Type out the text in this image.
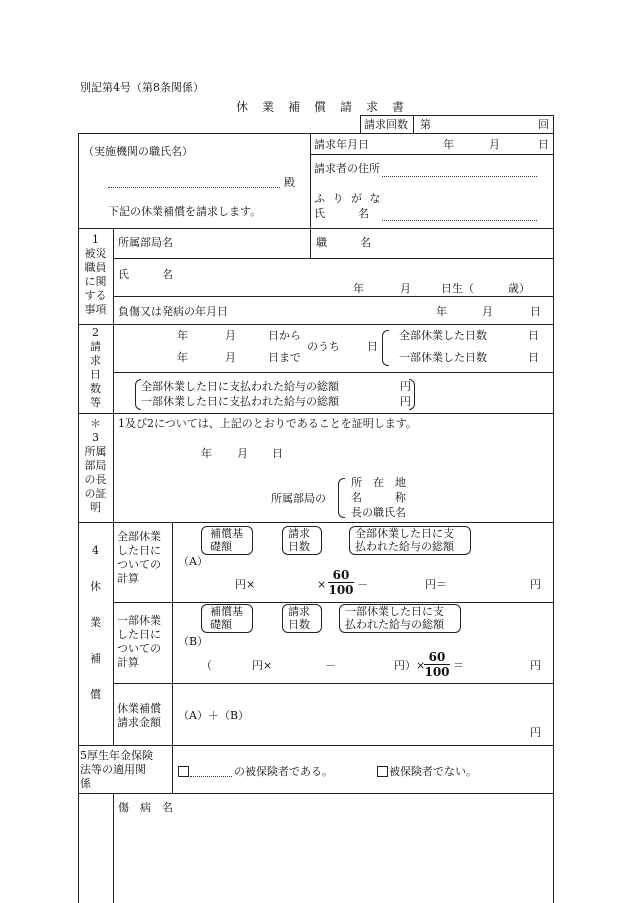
別記第4号（第8条関係）
休　業　補　償　請　求　書
請求回数 第	回
（実施機関の職氏名）
殿
下記の休業補償を請求します。
請求年月日	年	月	日
請求者の住所
ふ り が な
氏　　　名
1
被災
職員
に関
する
事項
所属部局名	職　　　名
氏　　　名
年	月	日生（	歳）
負傷又は発病の年月日	年	月	日
2
請
求
日
数
等
年	月	日から
年	月	日まで
のうち 日
全部休業した日数	日
一部休業した日数	日
全部休業した日に支払われた給与の総額	円
一部休業した日に支払われた給与の総額	円
＊
3
所属
部局
の長
の証
明
1及び2については、上記のとおりであることを証明します。
年 月 日
所属部局の
所　在　地
名　　　称
長の職氏名
4

休

業

補

償
全部休業
した日に
ついての
計算
補償基
礎額
請求
日数
全部休業した日に支
払われた給与の総額
（A）
円×	× $\frac{60}{100}$ －	円＝	円
一部休業
した日に
ついての
計算
補償基
礎額
請求
日数
一部休業した日に支
払われた給与の総額
（B）
（	円×	－	円）×
$\frac{60}{100}$ ＝	円
休業補償
請求金額
（A）＋（B）
円
5厚生年金保険
法等の適用関
係
の被保険者である。	被保険者でない。
傷　病　名
